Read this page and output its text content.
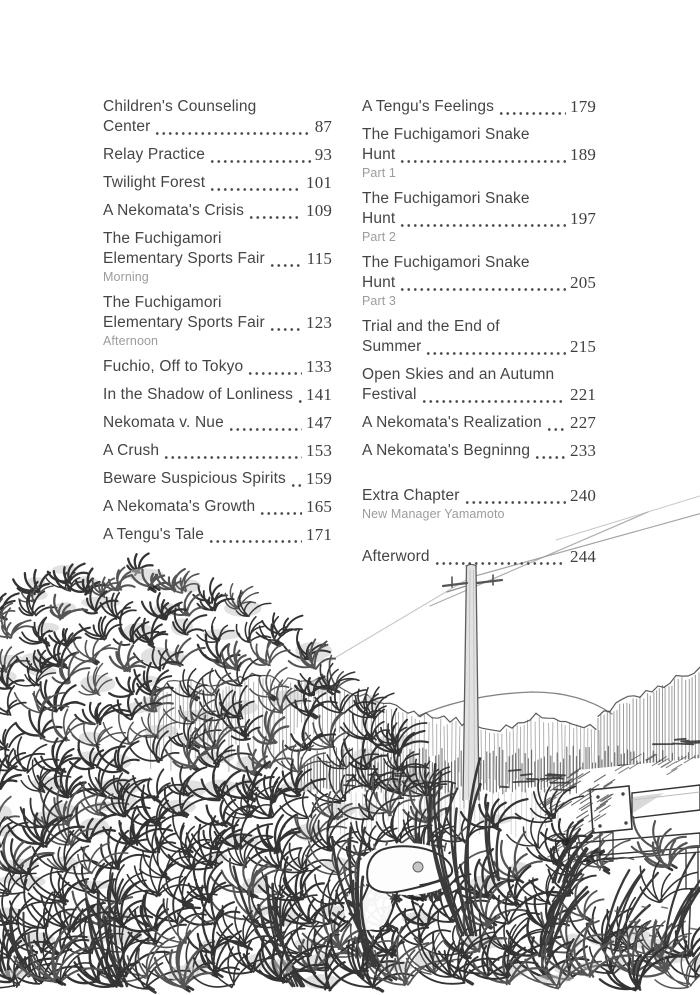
Children's Counseling
Center	87
Relay Practice	93
Twilight Forest	101
A Nekomata's Crisis	109
The Fuchigamori
Elementary Sports Fair 115
Morning
The Fuchigamori
Elementary Sports Fair 123
Afternoon
Fuchio, Off to Tokyo	133
In the Shadow of Lonliness 141
Nekomata v. Nue	147
A Crush	153
Beware Suspicious Spirits 159
A Nekomata's Growth	165
A Tengu's Tale	171
A Tengu's Feelings	179
The Fuchigamori Snake
Hunt	189
Part 1
The Fuchigamori Snake
Hunt	197
Part 2
The Fuchigamori Snake
Hunt	205
Part 3
Trial and the End of
Summer	215
Open Skies and an Autumn
Festival	221
A Nekomata's Realization 227
A Nekomata's Begninng 233
Extra Chapter	240
New Manager Yamamoto
Afterword	244
